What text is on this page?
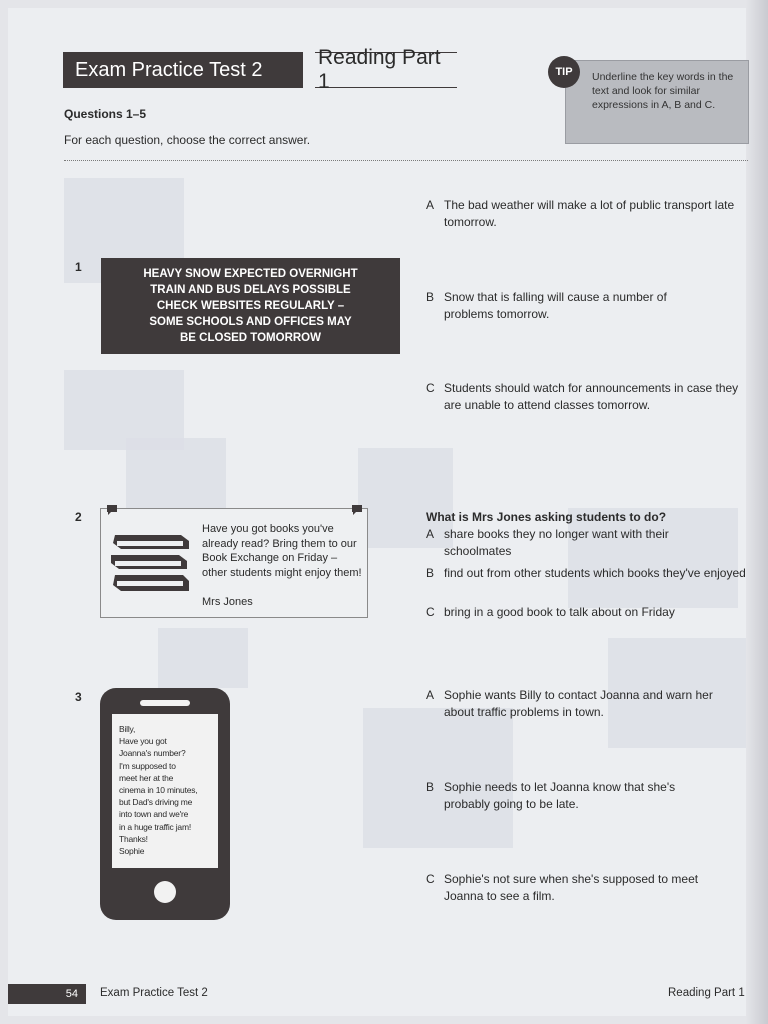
Exam Practice Test 2
Reading Part 1	TIP	Underline the key words in the text and look for similar expressions in A, B and C.
Questions 1–5
For each question, choose the correct answer.
1	HEAVY SNOW EXPECTED OVERNIGHT
TRAIN AND BUS DELAYS POSSIBLE
CHECK WEBSITES REGULARLY –
SOME SCHOOLS AND OFFICES MAY
BE CLOSED TOMORROW
A The bad weather will make a lot of public transport late tomorrow.
B Snow that is falling will cause a number of problems tomorrow.
C Students should watch for announcements in case they are unable to attend classes tomorrow.
2
Have you got books you've already read? Bring them to our Book Exchange on Friday – other students might enjoy them!
Mrs Jones
What is Mrs Jones asking students to do?
A share books they no longer want with their schoolmates
B find out from other students which books they've enjoyed
C bring in a good book to talk about on Friday
3
Billy,
Have you got
Joanna's number?
I'm supposed to
meet her at the
cinema in 10 minutes,
but Dad's driving me
into town and we're
in a huge traffic jam!
Thanks!
Sophie
A Sophie wants Billy to contact Joanna and warn her about traffic problems in town.
B Sophie needs to let Joanna know that she's probably going to be late.
C Sophie's not sure when she's supposed to meet Joanna to see a film.
54	Exam Practice Test 2	Reading Part 1
